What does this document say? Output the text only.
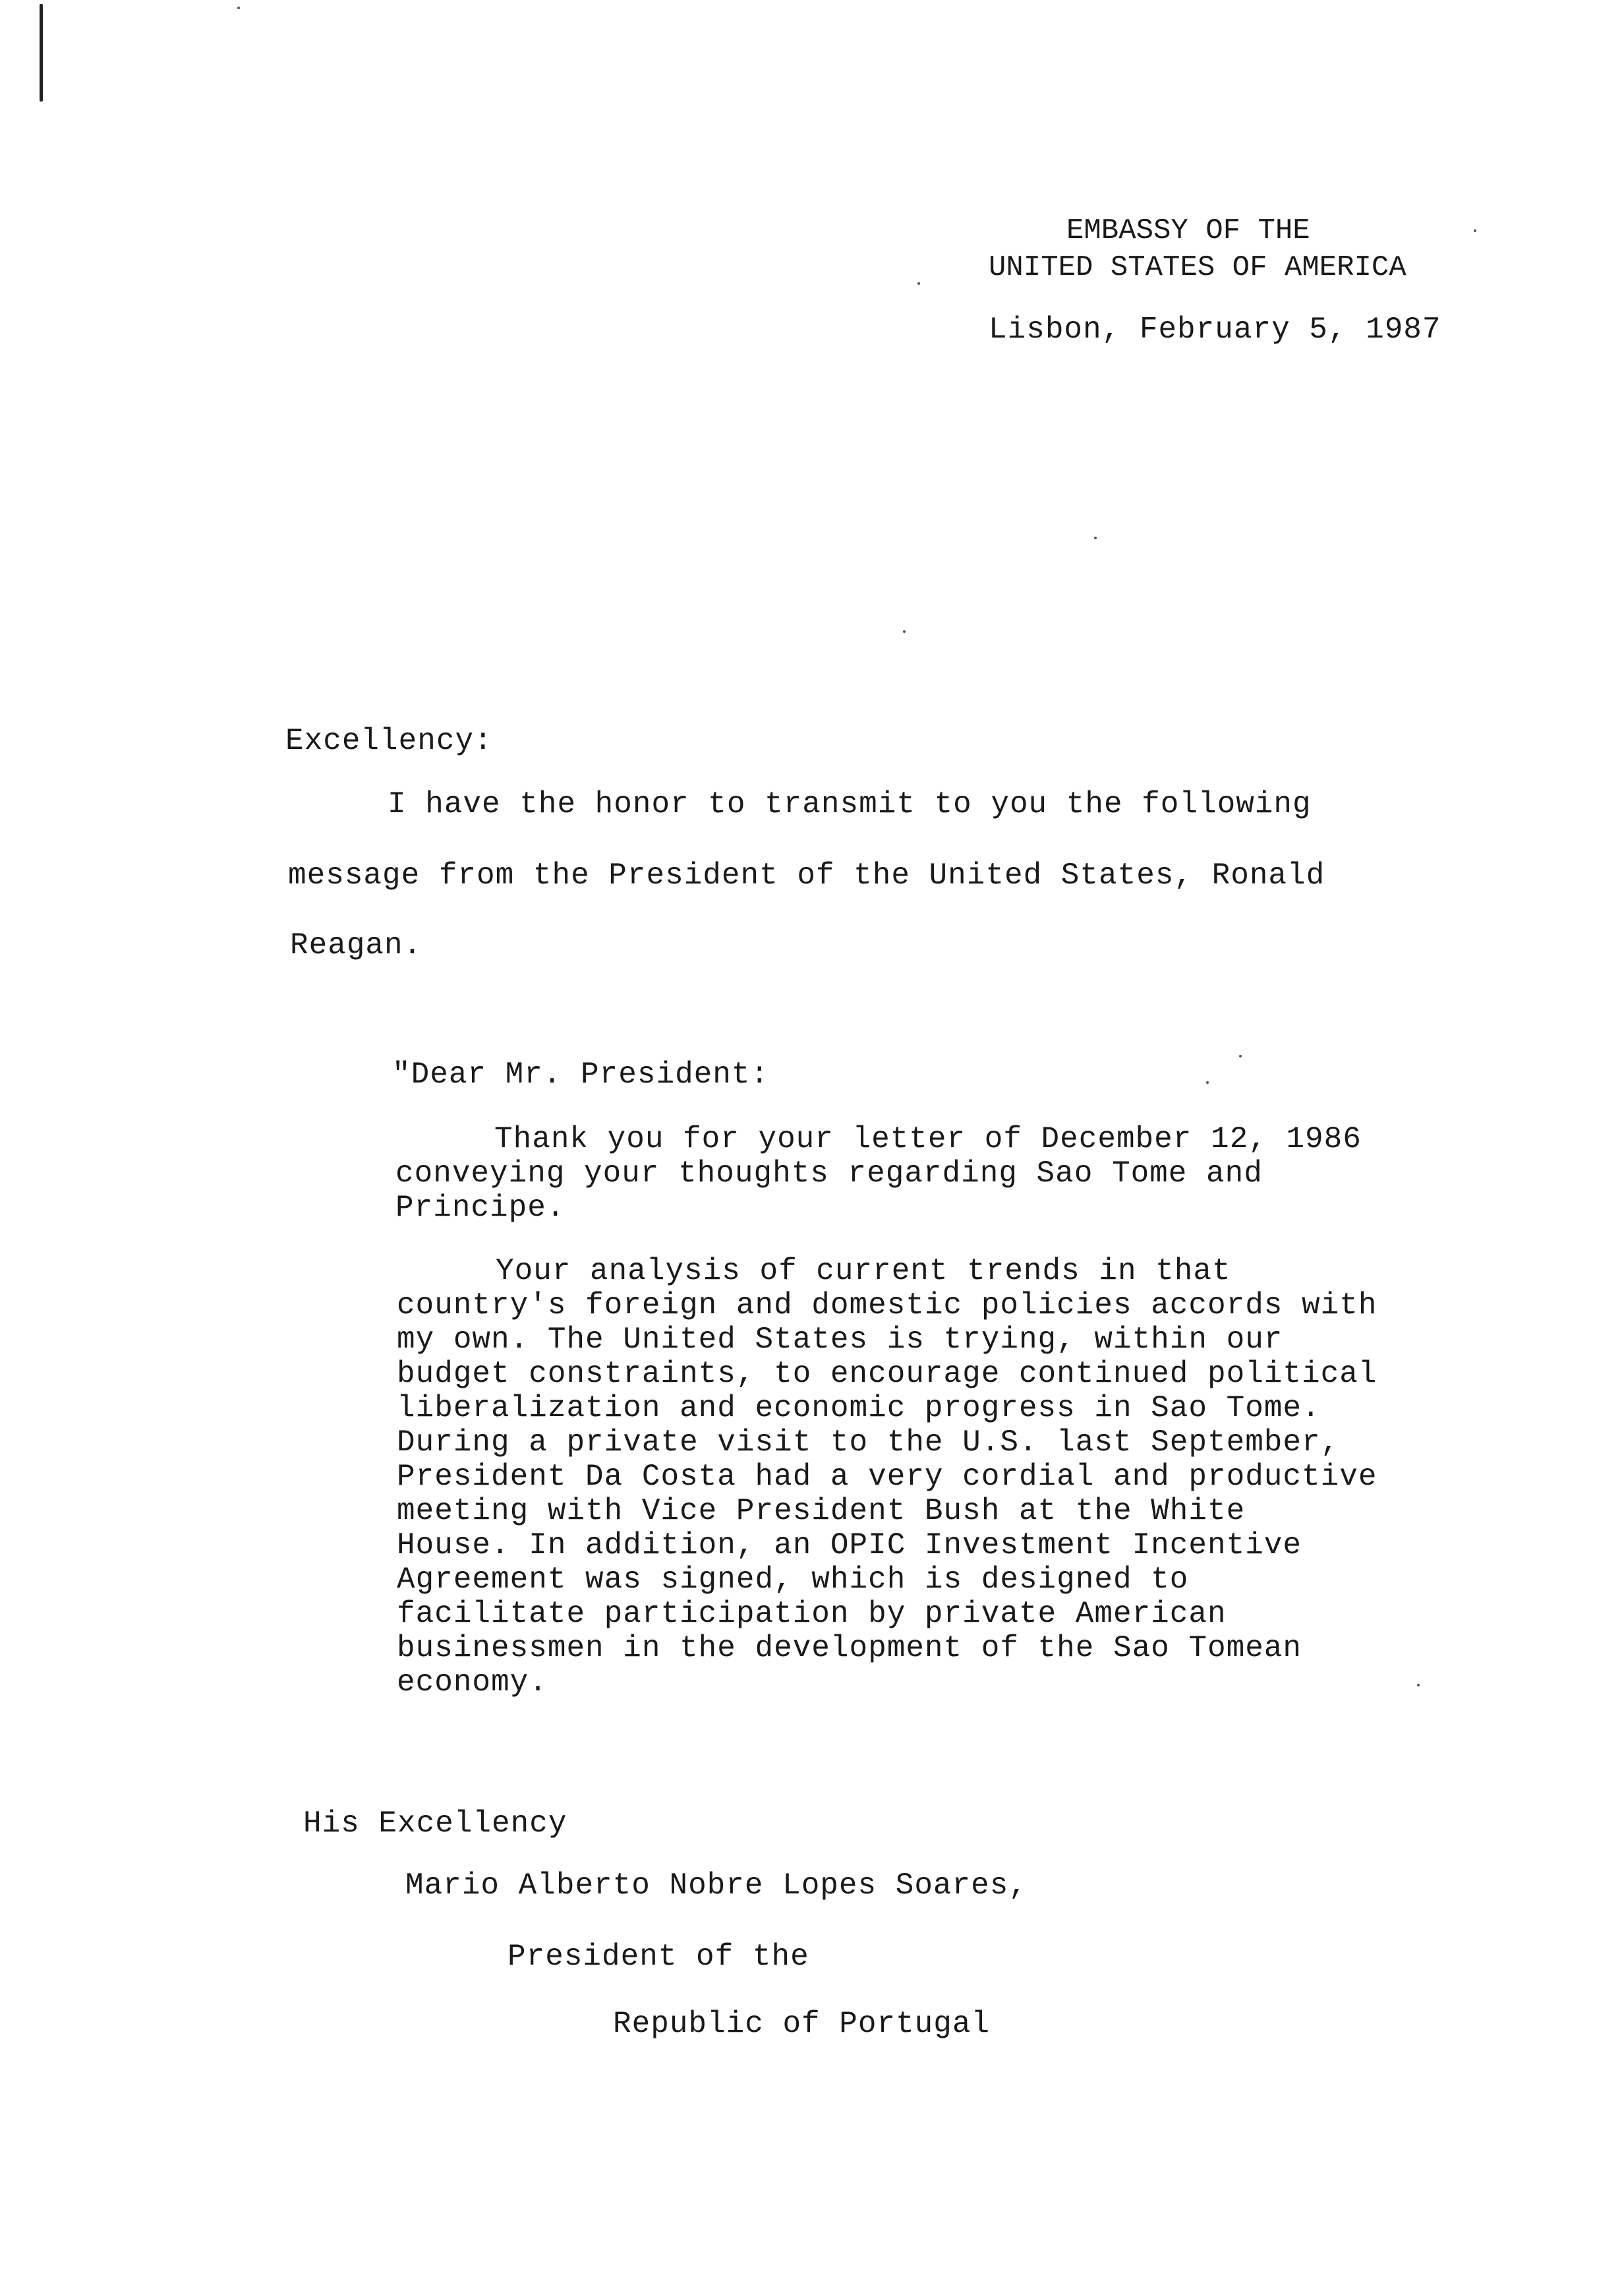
EMBASSY OF THE
UNITED STATES OF AMERICA
Lisbon, February 5, 1987
Excellency:
I have the honor to transmit to you the following
message from the President of the United States, Ronald
Reagan.
"Dear Mr. President:
Thank you for your letter of December 12, 1986
conveying your thoughts regarding Sao Tome and
Principe.
Your analysis of current trends in that
country's foreign and domestic policies accords with
my own. The United States is trying, within our
budget constraints, to encourage continued political
liberalization and economic progress in Sao Tome.
During a private visit to the U.S. last September,
President Da Costa had a very cordial and productive
meeting with Vice President Bush at the White
House. In addition, an OPIC Investment Incentive
Agreement was signed, which is designed to
facilitate participation by private American
businessmen in the development of the Sao Tomean
economy.
His Excellency
Mario Alberto Nobre Lopes Soares,
President of the
Republic of Portugal
